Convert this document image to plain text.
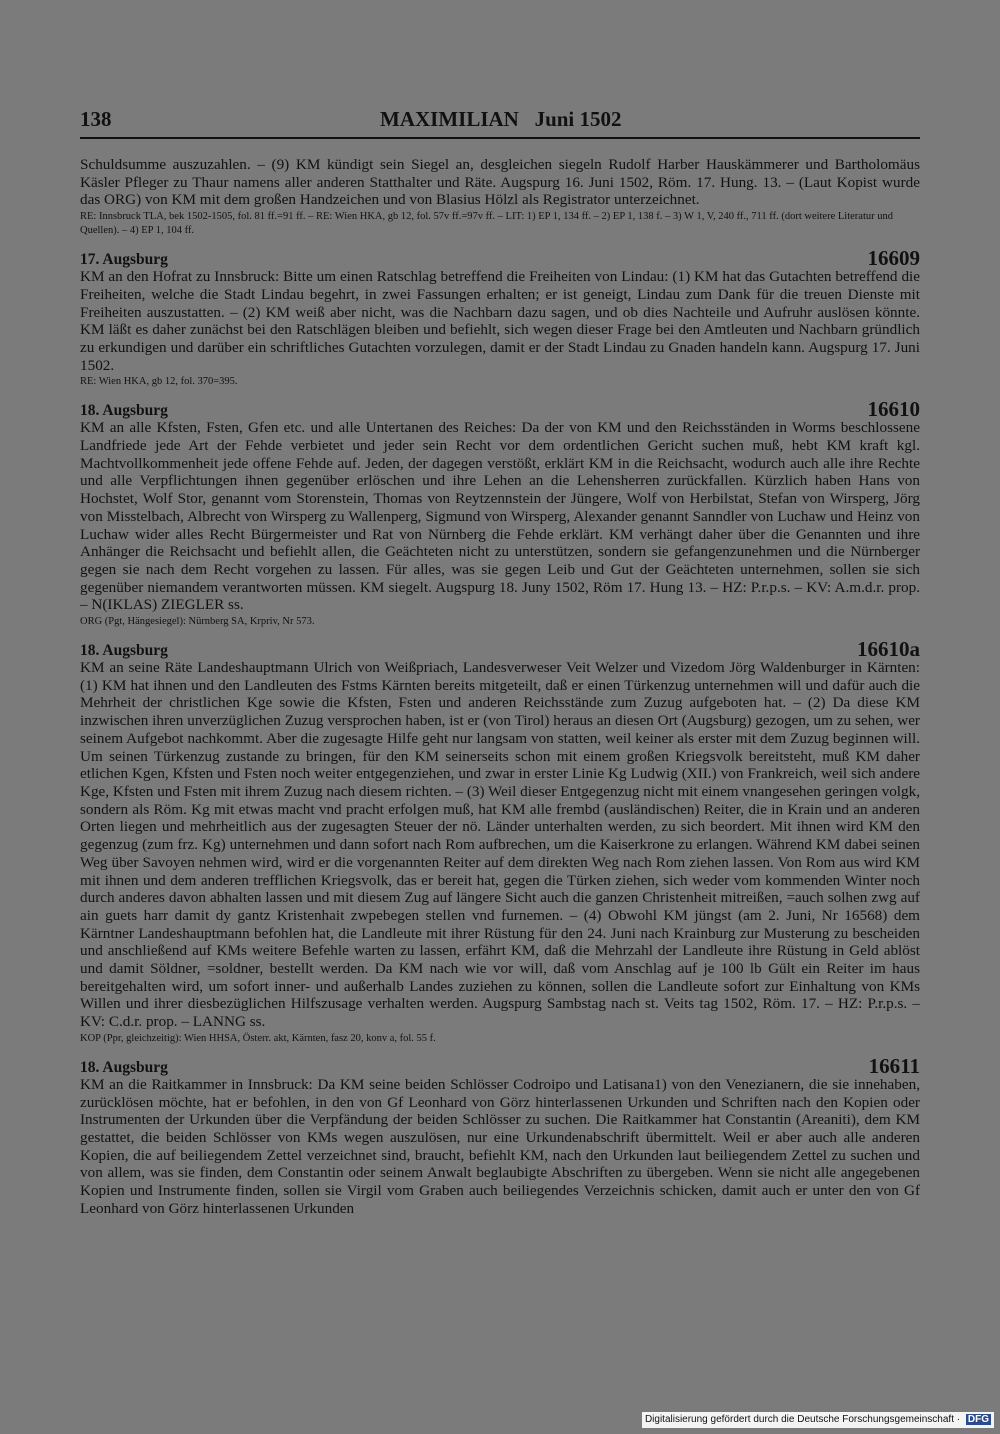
138	MAXIMILIAN   Juni 1502

Schuldsumme auszuzahlen. – (9) KM kündigt sein Siegel an, desgleichen siegeln Rudolf Harber Hauskämmerer und Bartholomäus Käsler Pfleger zu Thaur namens aller anderen Statthalter und Räte. Augspurg 16. Juni 1502, Röm. 17. Hung. 13. – (Laut Kopist wurde das ORG) von KM mit dem großen Handzeichen und von Blasius Hölzl als Registrator unterzeichnet.

RE: Innsbruck TLA, bek 1502-1505, fol. 81 ff.=91 ff. – RE: Wien HKA, gb 12, fol. 57v ff.=97v ff. – LIT: 1) EP 1, 134 ff. – 2) EP 1, 138 f. – 3) W 1, V, 240 ff., 711 ff. (dort weitere Literatur und Quellen). – 4) EP 1, 104 ff.

17. Augsburg	16609

KM an den Hofrat zu Innsbruck: Bitte um einen Ratschlag betreffend die Freiheiten von Lindau: (1) KM hat das Gutachten betreffend die Freiheiten, welche die Stadt Lindau begehrt, in zwei Fassungen erhalten; er ist geneigt, Lindau zum Dank für die treuen Dienste mit Freiheiten auszustatten. – (2) KM weiß aber nicht, was die Nachbarn dazu sagen, und ob dies Nachteile und Aufruhr auslösen könnte. KM läßt es daher zunächst bei den Ratschlägen bleiben und befiehlt, sich wegen dieser Frage bei den Amtleuten und Nachbarn gründlich zu erkundigen und darüber ein schriftliches Gutachten vorzulegen, damit er der Stadt Lindau zu Gnaden handeln kann. Augspurg 17. Juni 1502.

RE: Wien HKA, gb 12, fol. 370=395.

18. Augsburg	16610

KM an alle Kfsten, Fsten, Gfen etc. und alle Untertanen des Reiches: Da der von KM und den Reichsständen in Worms beschlossene Landfriede jede Art der Fehde verbietet und jeder sein Recht vor dem ordentlichen Gericht suchen muß, hebt KM kraft kgl. Machtvollkommenheit jede offene Fehde auf. Jeden, der dagegen verstößt, erklärt KM in die Reichsacht, wodurch auch alle ihre Rechte und alle Verpflichtungen ihnen gegenüber erlöschen und ihre Lehen an die Lehensherren zurückfallen. Kürzlich haben Hans von Hochstet, Wolf Stor, genannt vom Storenstein, Thomas von Reytzennstein der Jüngere, Wolf von Herbilstat, Stefan von Wirsperg, Jörg von Misstelbach, Albrecht von Wirsperg zu Wallenperg, Sigmund von Wirsperg, Alexander genannt Sanndler von Luchaw und Heinz von Luchaw wider alles Recht Bürgermeister und Rat von Nürnberg die Fehde erklärt. KM verhängt daher über die Genannten und ihre Anhänger die Reichsacht und befiehlt allen, die Geächteten nicht zu unterstützen, sondern sie gefangenzunehmen und die Nürnberger gegen sie nach dem Recht vorgehen zu lassen. Für alles, was sie gegen Leib und Gut der Geächteten unternehmen, sollen sie sich gegenüber niemandem verantworten müssen. KM siegelt. Augspurg 18. Juny 1502, Röm 17. Hung 13. – HZ: P.r.p.s. – KV: A.m.d.r. prop. – N(IKLAS) ZIEGLER ss.

ORG (Pgt, Hängesiegel): Nürnberg SA, Krpriv, Nr 573.

18. Augsburg	16610a

KM an seine Räte Landeshauptmann Ulrich von Weißpriach, Landesverweser Veit Welzer und Vizedom Jörg Waldenburger in Kärnten: (1) KM hat ihnen und den Landleuten des Fstms Kärnten bereits mitgeteilt, daß er einen Türkenzug unternehmen will und dafür auch die Mehrheit der christlichen Kge sowie die Kfsten, Fsten und anderen Reichsstände zum Zuzug aufgeboten hat. – (2) Da diese KM inzwischen ihren unverzüglichen Zuzug versprochen haben, ist er (von Tirol) heraus an diesen Ort (Augsburg) gezogen, um zu sehen, wer seinem Aufgebot nachkommt. Aber die zugesagte Hilfe geht nur langsam von statten, weil keiner als erster mit dem Zuzug beginnen will. Um seinen Türkenzug zustande zu bringen, für den KM seinerseits schon mit einem großen Kriegsvolk bereitsteht, muß KM daher etlichen Kgen, Kfsten und Fsten noch weiter entgegenziehen, und zwar in erster Linie Kg Ludwig (XII.) von Frankreich, weil sich andere Kge, Kfsten und Fsten mit ihrem Zuzug nach diesem richten. – (3) Weil dieser Entgegenzug nicht mit einem vnangesehen geringen volgk, sondern als Röm. Kg mit etwas macht vnd pracht erfolgen muß, hat KM alle frembd (ausländischen) Reiter, die in Krain und an anderen Orten liegen und mehrheitlich aus der zugesagten Steuer der nö. Länder unterhalten werden, zu sich beordert. Mit ihnen wird KM den gegenzug (zum frz. Kg) unternehmen und dann sofort nach Rom aufbrechen, um die Kaiserkrone zu erlangen. Während KM dabei seinen Weg über Savoyen nehmen wird, wird er die vorgenannten Reiter auf dem direkten Weg nach Rom ziehen lassen. Von Rom aus wird KM mit ihnen und dem anderen trefflichen Kriegsvolk, das er bereit hat, gegen die Türken ziehen, sich weder vom kommenden Winter noch durch anderes davon abhalten lassen und mit diesem Zug auf längere Sicht auch die ganzen Christenheit mitreißen, =auch solhen zwg auf ain guets harr damit dy gantz Kristenhait zwpebegen stellen vnd furnemen. – (4) Obwohl KM jüngst (am 2. Juni, Nr 16568) dem Kärntner Landeshauptmann befohlen hat, die Landleute mit ihrer Rüstung für den 24. Juni nach Krainburg zur Musterung zu bescheiden und anschließend auf KMs weitere Befehle warten zu lassen, erfährt KM, daß die Mehrzahl der Landleute ihre Rüstung in Geld ablöst und damit Söldner, =soldner, bestellt werden. Da KM nach wie vor will, daß vom Anschlag auf je 100 lb Gült ein Reiter im haus bereitgehalten wird, um sofort inner- und außerhalb Landes zuziehen zu können, sollen die Landleute sofort zur Einhaltung von KMs Willen und ihrer diesbezüglichen Hilfszusage verhalten werden. Augspurg Sambstag nach st. Veits tag 1502, Röm. 17. – HZ: P.r.p.s. – KV: C.d.r. prop. – LANNG ss.

KOP (Ppr, gleichzeitig): Wien HHSA, Österr. akt, Kärnten, fasz 20, konv a, fol. 55 f.

18. Augsburg	16611

KM an die Raitkammer in Innsbruck: Da KM seine beiden Schlösser Codroipo und Latisana1) von den Venezianern, die sie innehaben, zurücklösen möchte, hat er befohlen, in den von Gf Leonhard von Görz hinterlassenen Urkunden und Schriften nach den Kopien oder Instrumenten der Urkunden über die Verpfändung der beiden Schlösser zu suchen. Die Raitkammer hat Constantin (Areaniti), dem KM gestattet, die beiden Schlösser von KMs wegen auszulösen, nur eine Urkundenabschrift übermittelt. Weil er aber auch alle anderen Kopien, die auf beiliegendem Zettel verzeichnet sind, braucht, befiehlt KM, nach den Urkunden laut beiliegendem Zettel zu suchen und von allem, was sie finden, dem Constantin oder seinem Anwalt beglaubigte Abschriften zu übergeben. Wenn sie nicht alle angegebenen Kopien und Instrumente finden, sollen sie Virgil vom Graben auch beiliegendes Verzeichnis schicken, damit auch er unter den von Gf Leonhard von Görz hinterlassenen Urkunden

Digitalisierung gefördert durch die Deutsche Forschungsgemeinschaft · DFG
